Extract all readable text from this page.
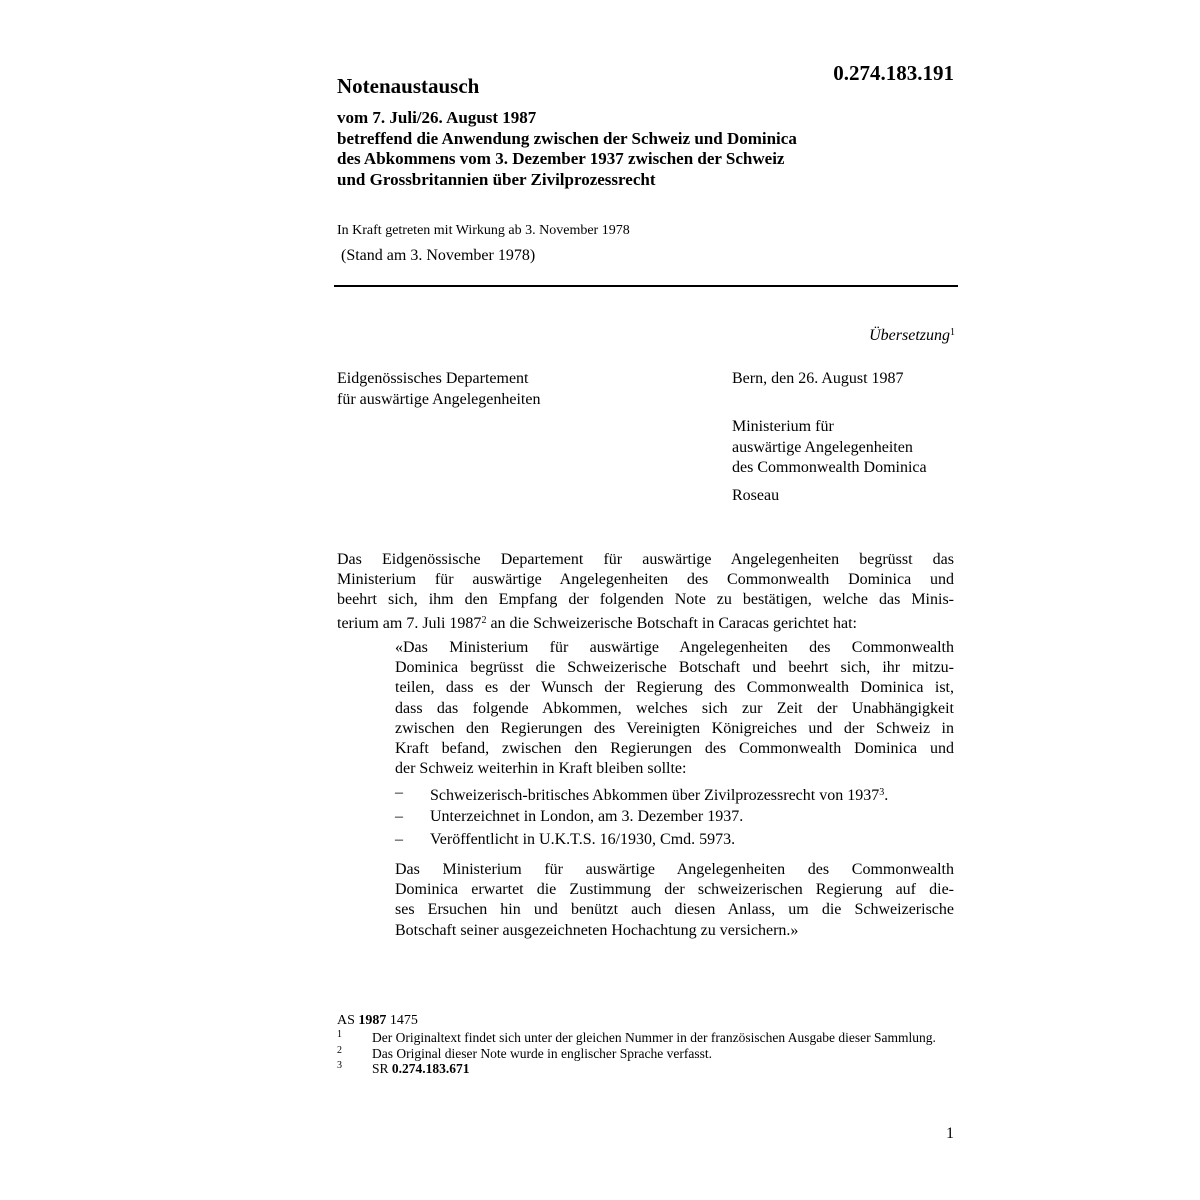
0.274.183.191
Notenaustausch
vom 7. Juli/26. August 1987
betreffend die Anwendung zwischen der Schweiz und Dominica
des Abkommens vom 3. Dezember 1937 zwischen der Schweiz
und Grossbritannien über Zivilprozessrecht
In Kraft getreten mit Wirkung ab 3. November 1978
(Stand am 3. November 1978)
Übersetzung$^1$
Eidgenössisches Departement
für auswärtige Angelegenheiten
Bern, den 26. August 1987
Ministerium für
auswärtige Angelegenheiten
des Commonwealth Dominica
Roseau
Das Eidgenössische Departement für auswärtige Angelegenheiten begrüsst das
Ministerium für auswärtige Angelegenheiten des Commonwealth Dominica und
beehrt sich, ihm den Empfang der folgenden Note zu bestätigen, welche das Minis-
terium am 7. Juli 1987$^2$ an die Schweizerische Botschaft in Caracas gerichtet hat:
«Das Ministerium für auswärtige Angelegenheiten des Commonwealth
Dominica begrüsst die Schweizerische Botschaft und beehrt sich, ihr mitzu-
teilen, dass es der Wunsch der Regierung des Commonwealth Dominica ist,
dass das folgende Abkommen, welches sich zur Zeit der Unabhängigkeit
zwischen den Regierungen des Vereinigten Königreiches und der Schweiz in
Kraft befand, zwischen den Regierungen des Commonwealth Dominica und
der Schweiz weiterhin in Kraft bleiben sollte:
– Schweizerisch-britisches Abkommen über Zivilprozessrecht von 1937$^3$.
– Unterzeichnet in London, am 3. Dezember 1937.
– Veröffentlicht in U.K.T.S. 16/1930, Cmd. 5973.
Das Ministerium für auswärtige Angelegenheiten des Commonwealth
Dominica erwartet die Zustimmung der schweizerischen Regierung auf die-
ses Ersuchen hin und benützt auch diesen Anlass, um die Schweizerische
Botschaft seiner ausgezeichneten Hochachtung zu versichern.»
AS 1987 1475
1 Der Originaltext findet sich unter der gleichen Nummer in der französischen Ausgabe dieser Sammlung.
2 Das Original dieser Note wurde in englischer Sprache verfasst.
3 SR 0.274.183.671
1
